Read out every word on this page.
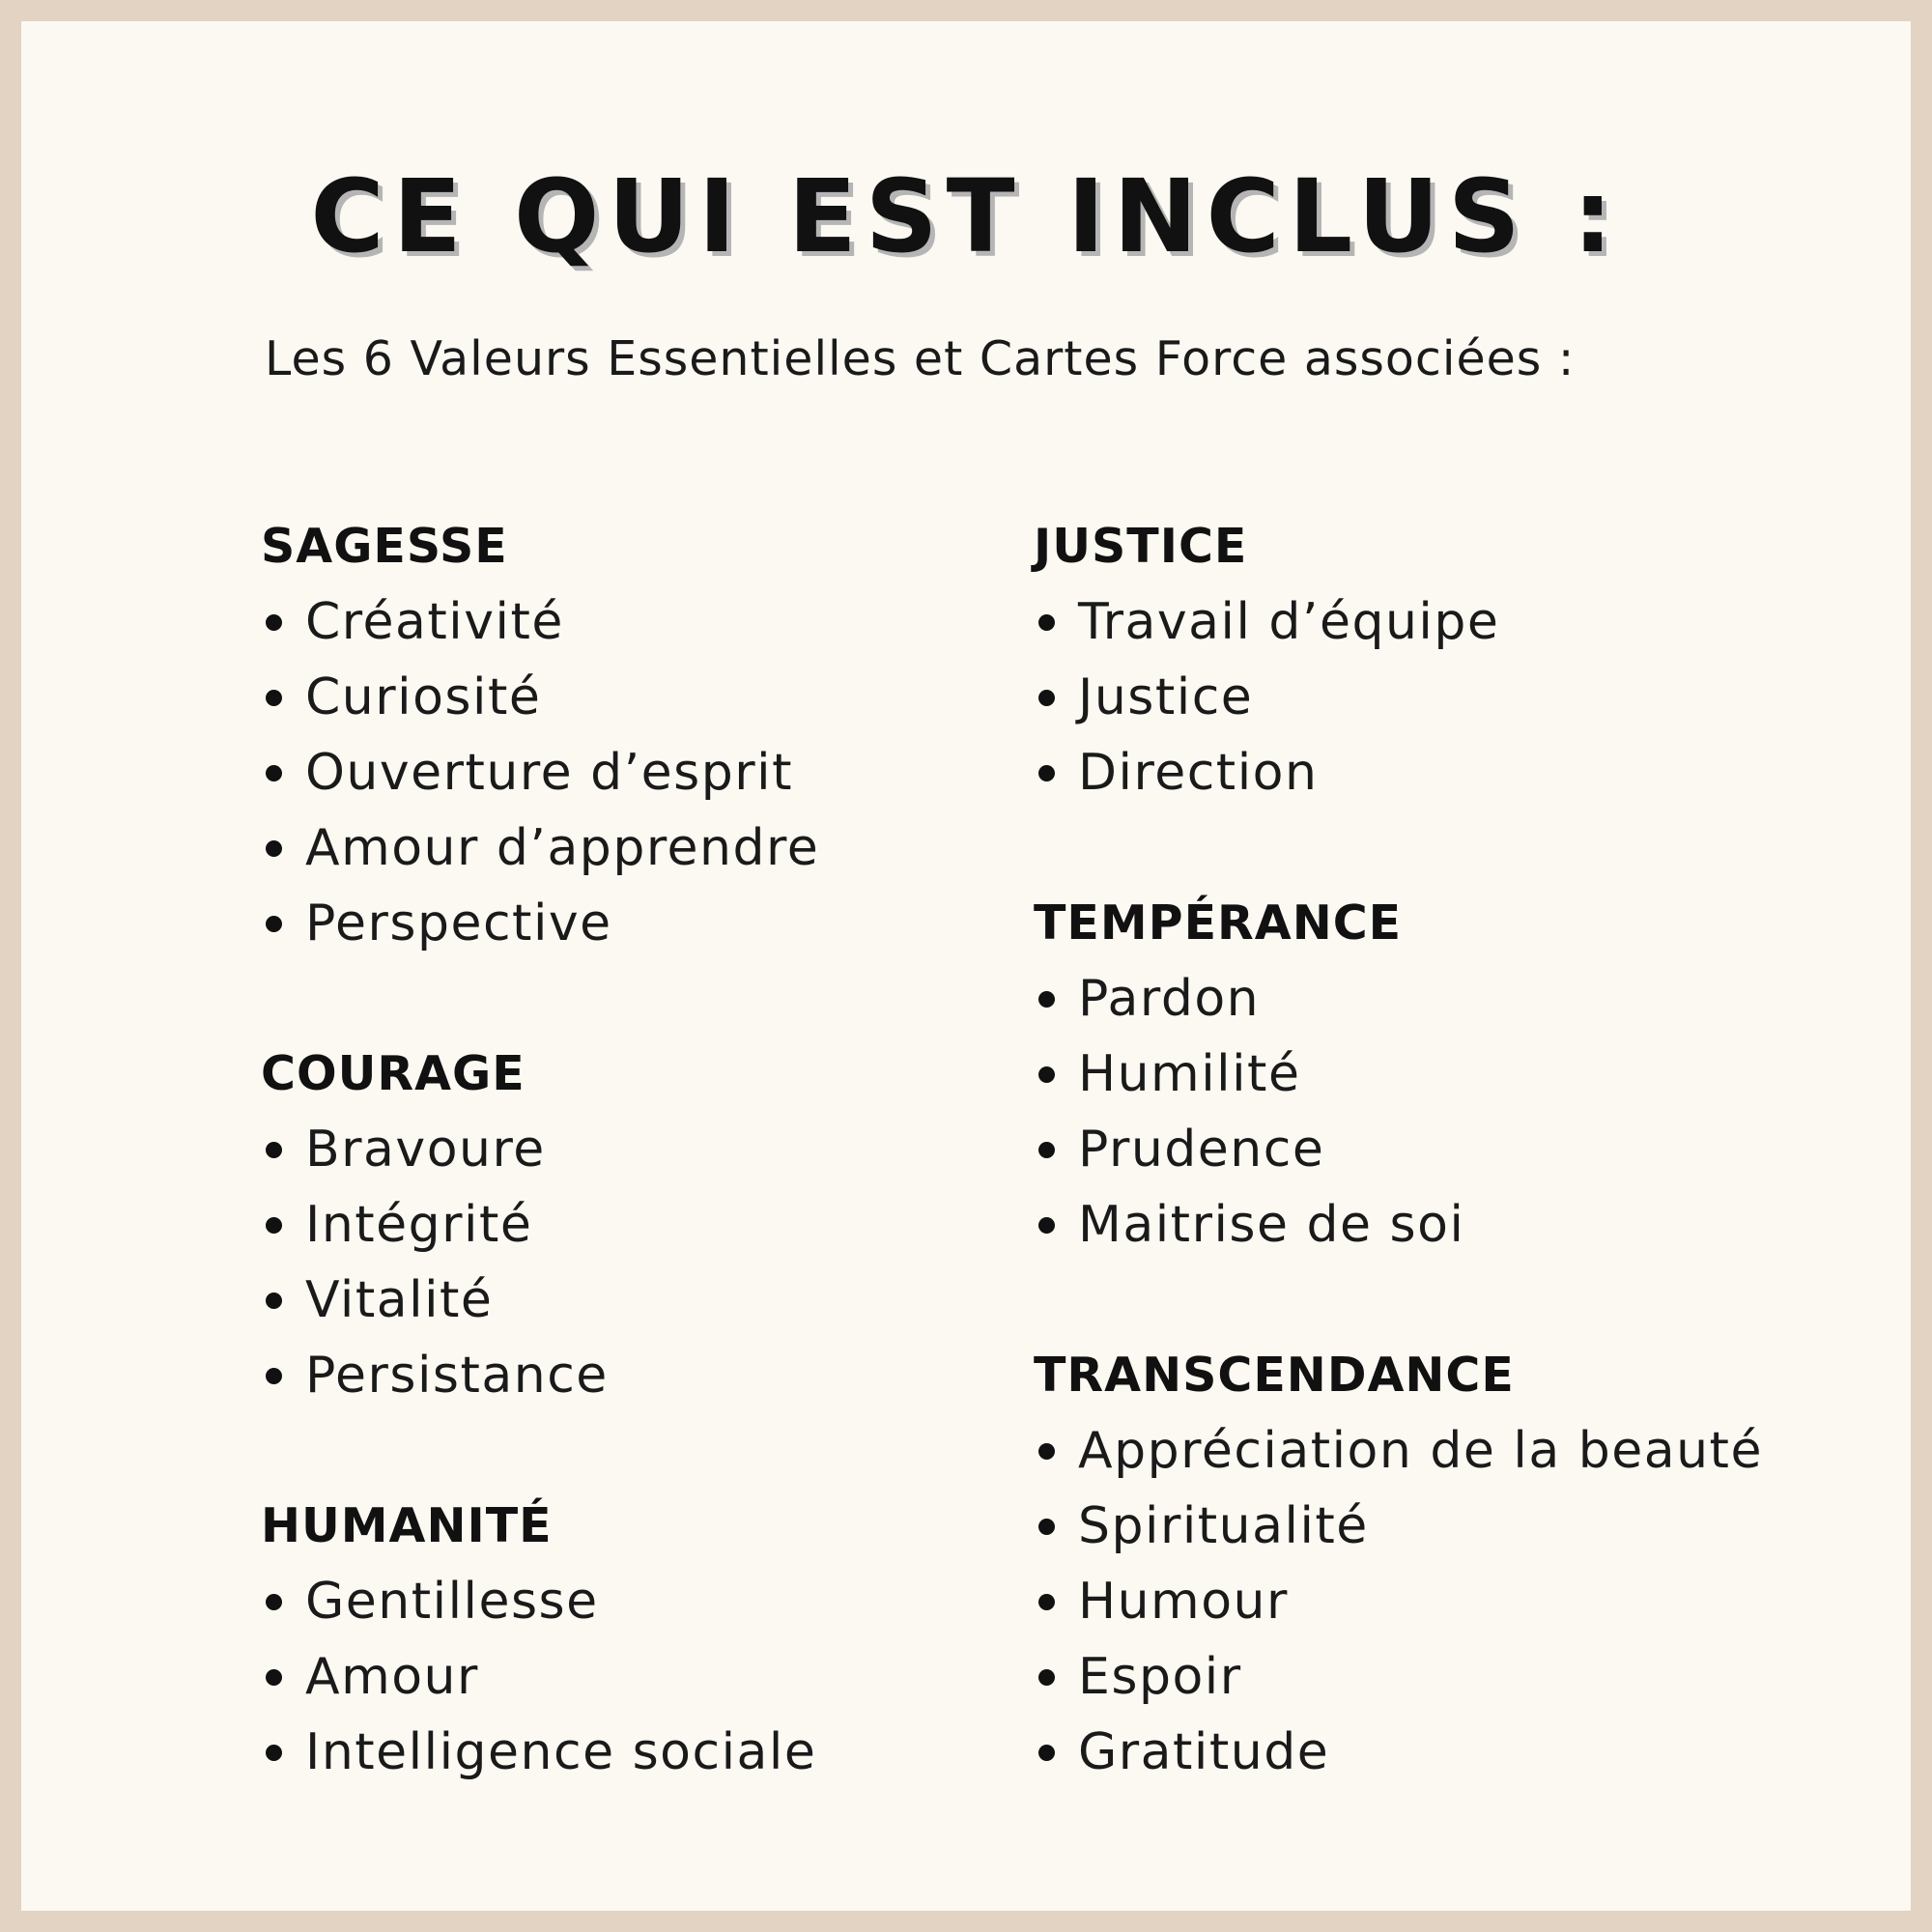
CE QUI EST INCLUS :
Les 6 Valeurs Essentielles et Cartes Force associées :
SAGESSE
Créativité
Curiosité
Ouverture d’esprit
Amour d’apprendre
Perspective
COURAGE
Bravoure
Intégrité
Vitalité
Persistance
HUMANITÉ
Gentillesse
Amour
Intelligence sociale
JUSTICE
Travail d’équipe
Justice
Direction
TEMPÉRANCE
Pardon
Humilité
Prudence
Maitrise de soi
TRANSCENDANCE
Appréciation de la beauté
Spiritualité
Humour
Espoir
Gratitude
